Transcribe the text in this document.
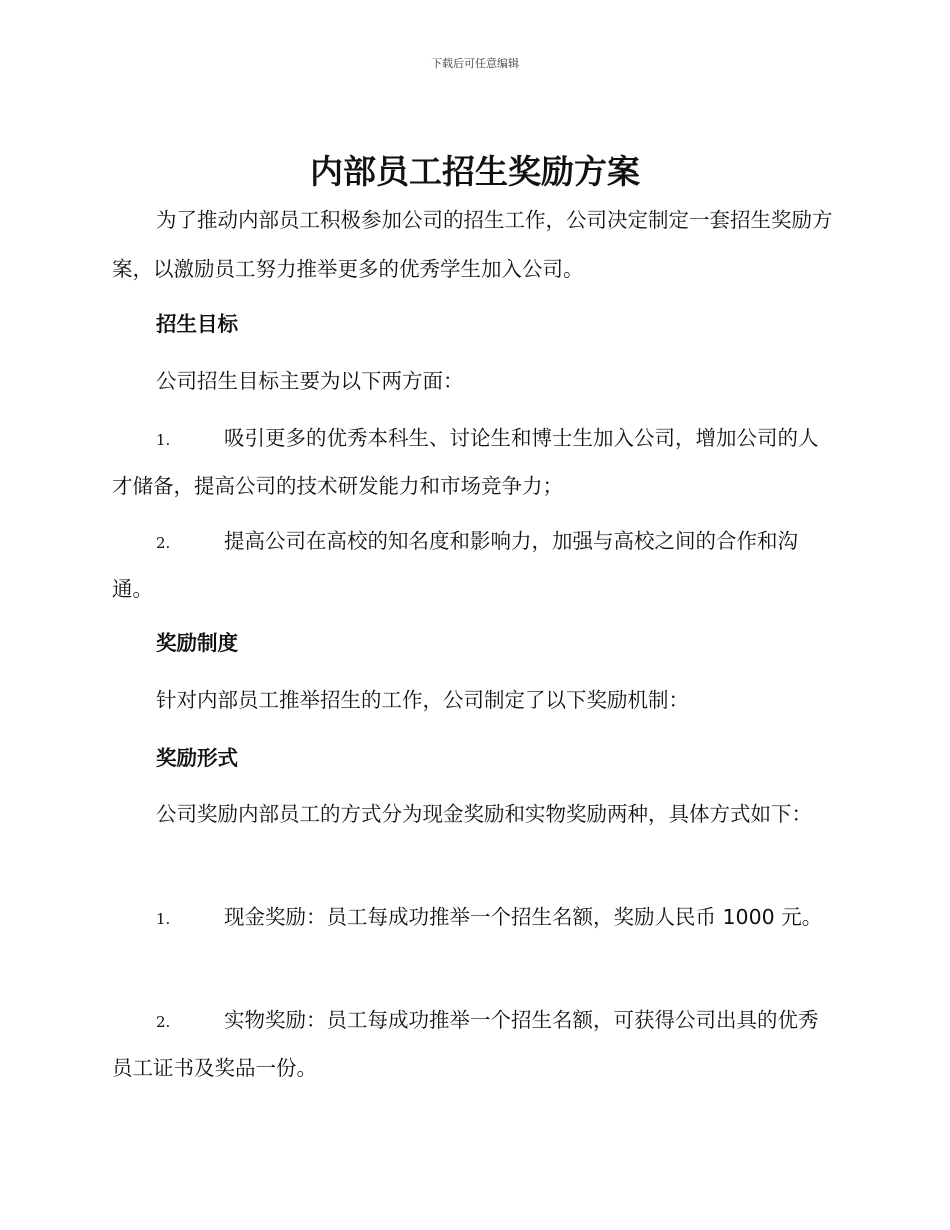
下载后可任意编辑
内部员工招生奖励方案

为了推动内部员工积极参加公司的招生工作，公司决定制定一套招生奖励方案，以激励员工努力推举更多的优秀学生加入公司。

招生目标

公司招生目标主要为以下两方面：

1.	吸引更多的优秀本科生、讨论生和博士生加入公司，增加公司的人才储备，提高公司的技术研发能力和市场竞争力；
2.	提高公司在高校的知名度和影响力，加强与高校之间的合作和沟通。
奖励制度

针对内部员工推举招生的工作，公司制定了以下奖励机制：

奖励形式

公司奖励内部员工的方式分为现金奖励和实物奖励两种，具体方式如下：

1.	现金奖励：员工每成功推举一个招生名额，奖励人民币 1000 元。
2.	实物奖励：员工每成功推举一个招生名额，可获得公司出具的优秀员工证书及奖品一份。
